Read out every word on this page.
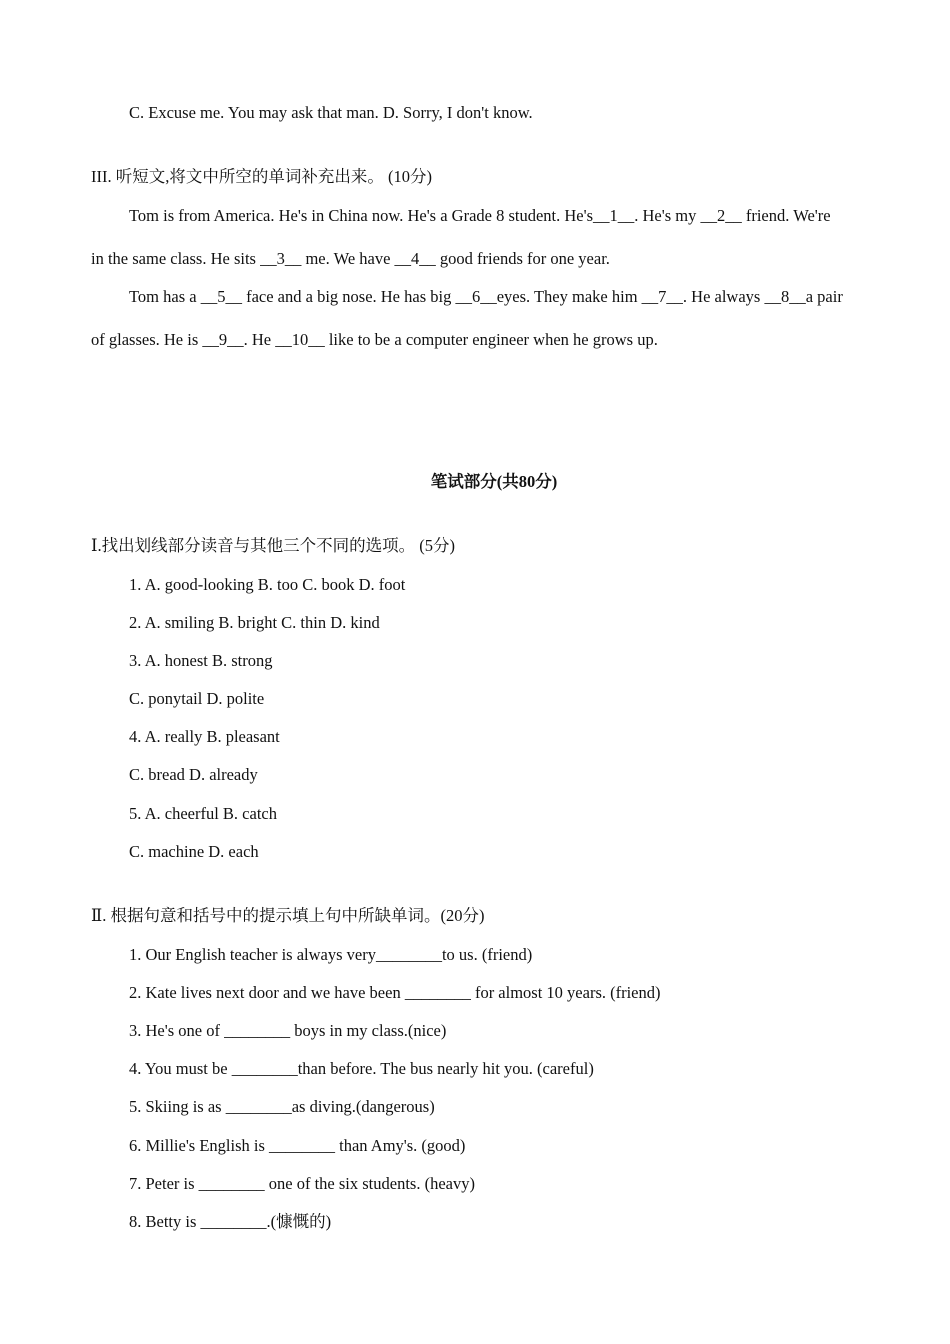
C. Excuse me. You may ask that man. D. Sorry, I don't know.
III. 听短文,将文中所空的单词补充出来。 (10分)
Tom is from America. He's in China now. He's a Grade 8 student. He's__1__. He's my __2__ friend. We're
in the same class. He sits __3__ me. We have __4__ good friends for one year.
Tom has a __5__ face and a big nose. He has big __6__eyes. They make him __7__. He always __8__a pair
of glasses. He is __9__. He __10__ like to be a computer engineer when he grows up.
笔试部分(共80分)
Ⅰ.找出划线部分读音与其他三个不同的选项。 (5分)
1. A. good-looking B. too C. book D. foot
2. A. smiling B. bright C. thin D. kind
3. A. honest B. strong
C. ponytail D. polite
4. A. really B. pleasant
C. bread D. already
5. A. cheerful B. catch
C. machine D. each
Ⅱ. 根据句意和括号中的提示填上句中所缺单词。(20分)
1. Our English teacher is always very________to us. (friend)
2. Kate lives next door and we have been ________ for almost 10 years. (friend)
3. He's one of ________ boys in my class.(nice)
4. You must be ________than before. The bus nearly hit you. (careful)
5. Skiing is as ________as diving.(dangerous)
6. Millie's English is ________ than Amy's. (good)
7. Peter is ________ one of the six students. (heavy)
8. Betty is ________.(慷慨的)
